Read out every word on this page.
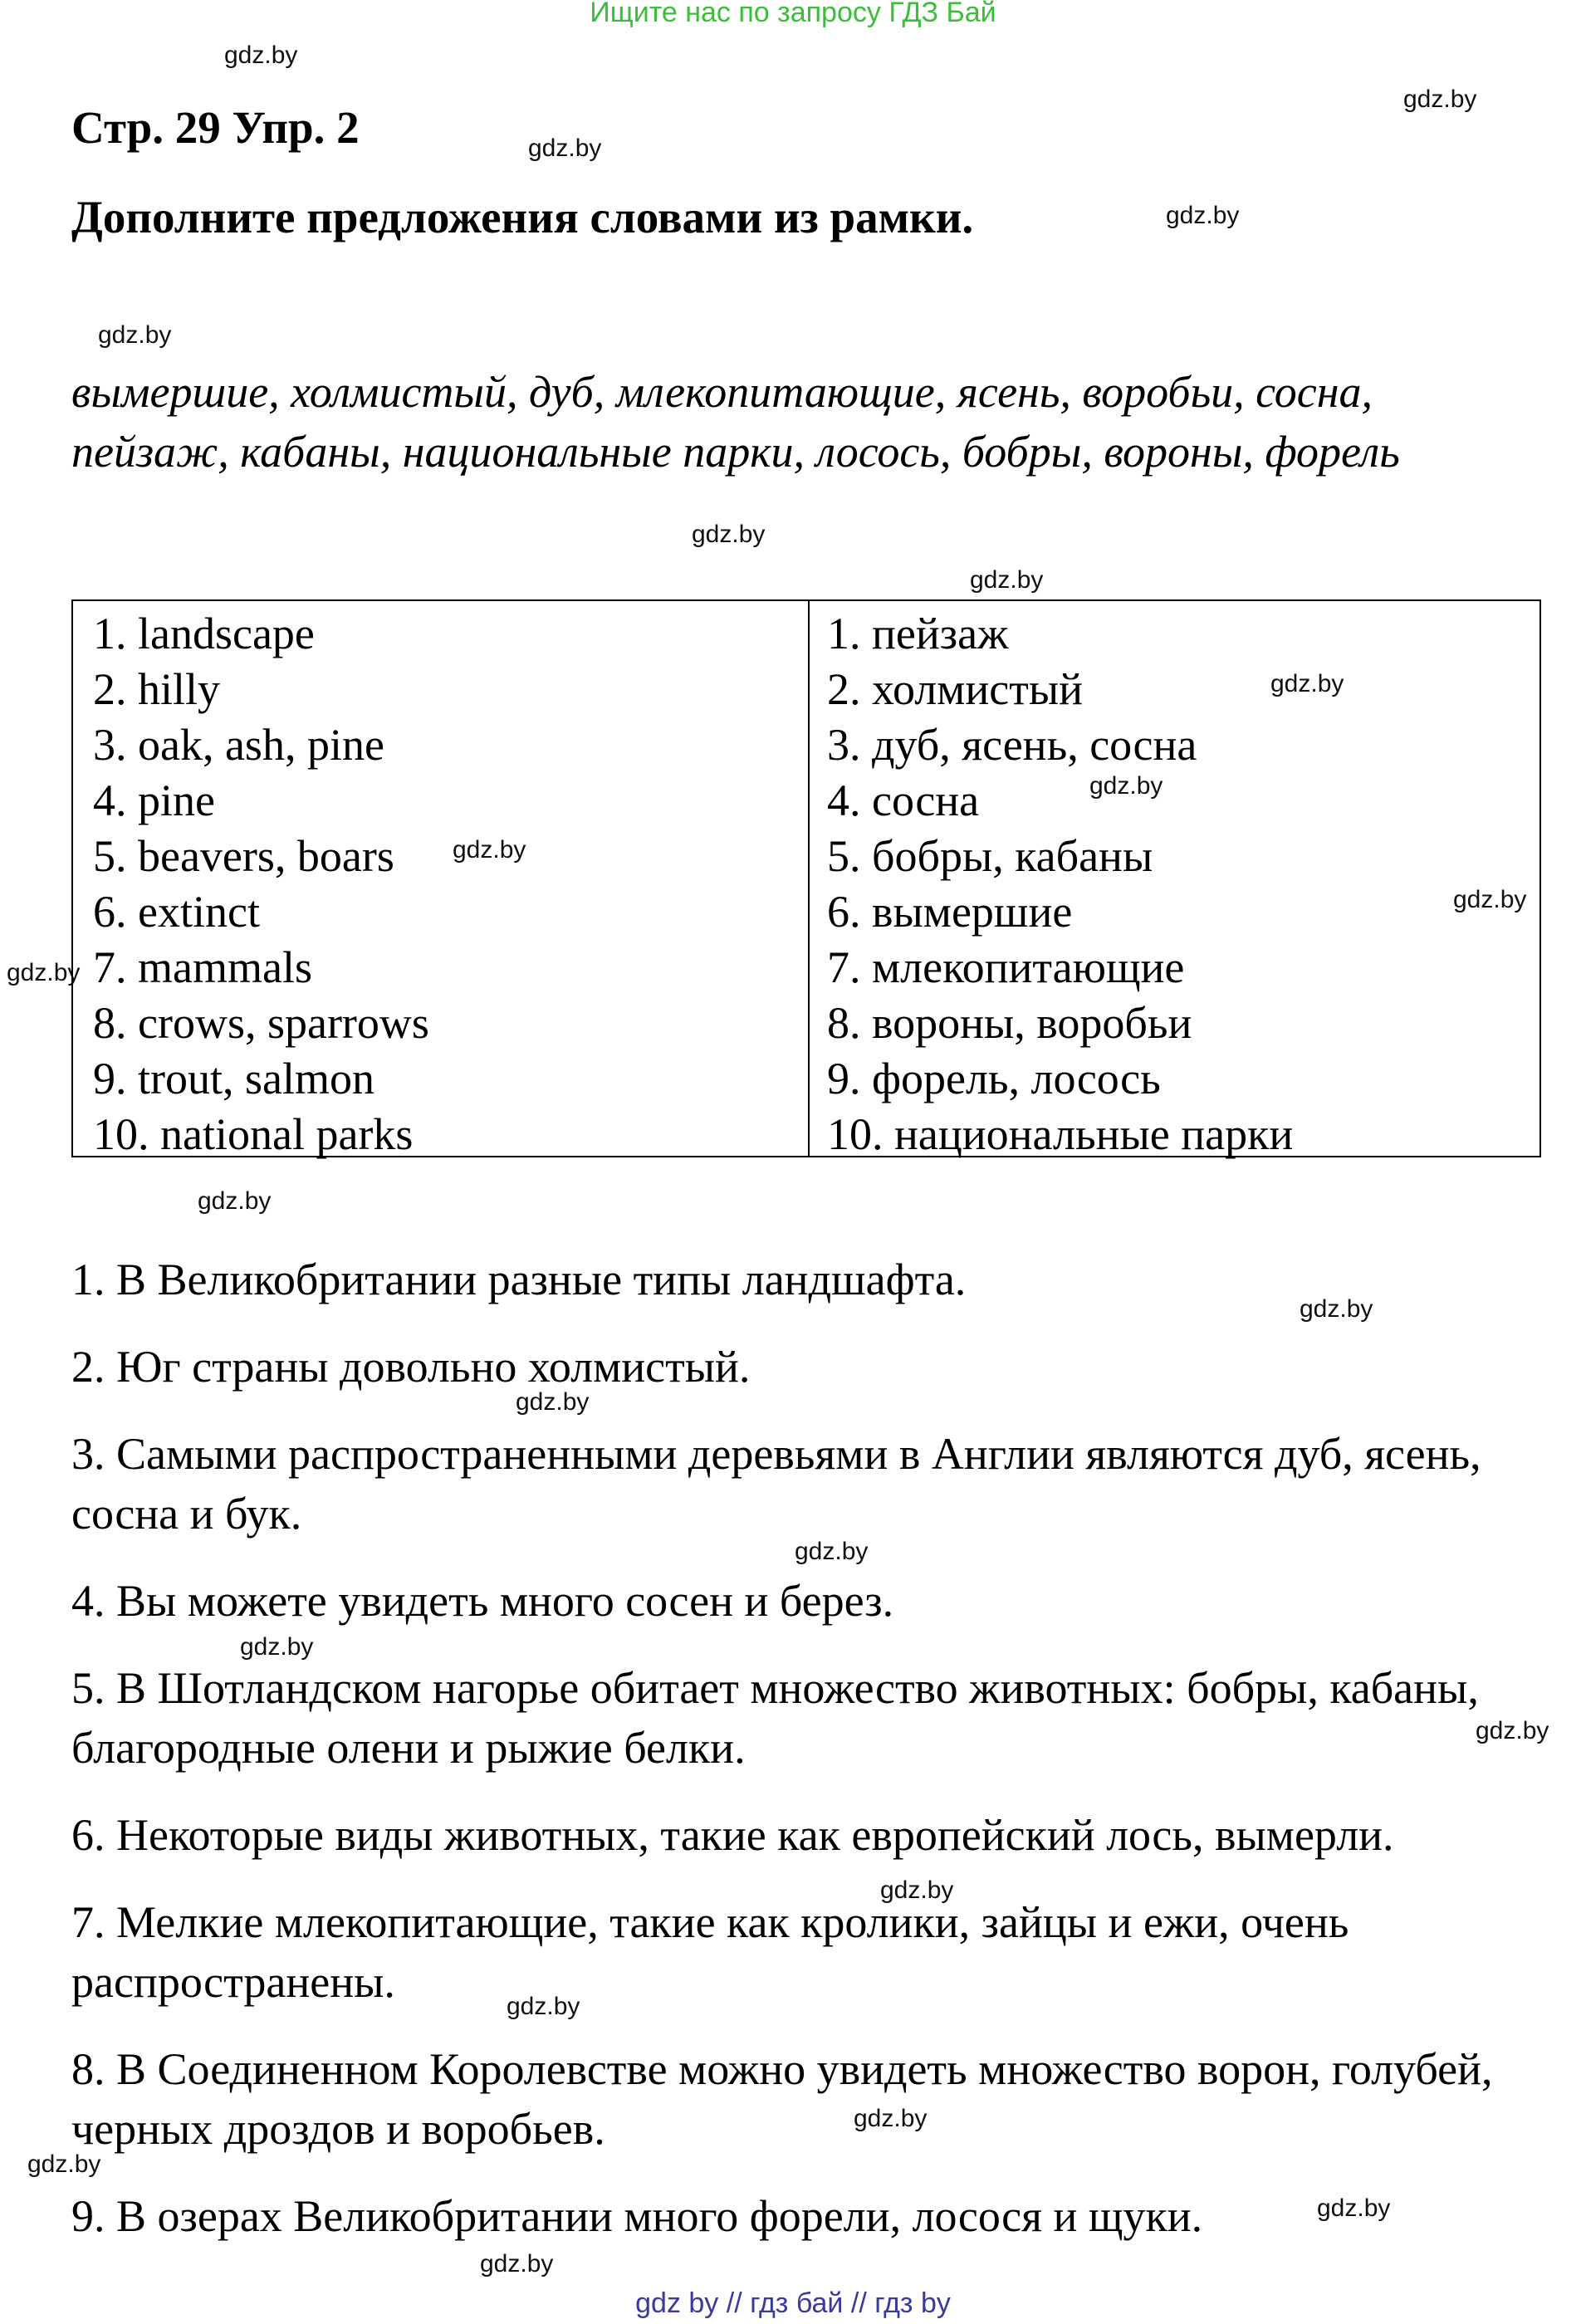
Ищите нас по запросу ГДЗ Бай
gdz by // гдз бай // гдз by
gdz.by
gdz.by
gdz.by
gdz.by
gdz.by
gdz.by
gdz.by
gdz.by
gdz.by
gdz.by
gdz.by
gdz.by
gdz.by
gdz.by
gdz.by
gdz.by
gdz.by
gdz.by
gdz.by
gdz.by
gdz.by
gdz.by
gdz.by
gdz.by
Стр. 29 Упр. 2
Дополните предложения словами из рамки.
вымершие, холмистый, дуб, млекопитающие, ясень, воробьи, сосна,
пейзаж, кабаны, национальные парки, лосось, бобры, вороны, форель
1. landscape
2. hilly
3. oak, ash, pine
4. pine
5. beavers, boars
6. extinct
7. mammals
8. crows, sparrows
9. trout, salmon
10. national parks
1. пейзаж
2. холмистый
3. дуб, ясень, сосна
4. сосна
5. бобры, кабаны
6. вымершие
7. млекопитающие
8. вороны, воробьи
9. форель, лосось
10. национальные парки

1. В Великобритании разные типы ландшафта.

2. Юг страны довольно холмистый.

3. Самыми распространенными деревьями в Англии являются дуб, ясень, сосна и бук.

4. Вы можете увидеть много сосен и берез.

5. В Шотландском нагорье обитает множество животных: бобры, кабаны, благородные олени и рыжие белки.

6. Некоторые виды животных, такие как европейский лось, вымерли.

7. Мелкие млекопитающие, такие как кролики, зайцы и ежи, очень распространены.

8. В Соединенном Королевстве можно увидеть множество ворон, голубей, черных дроздов и воробьев.

9. В озерах Великобритании много форели, лосося и щуки.
